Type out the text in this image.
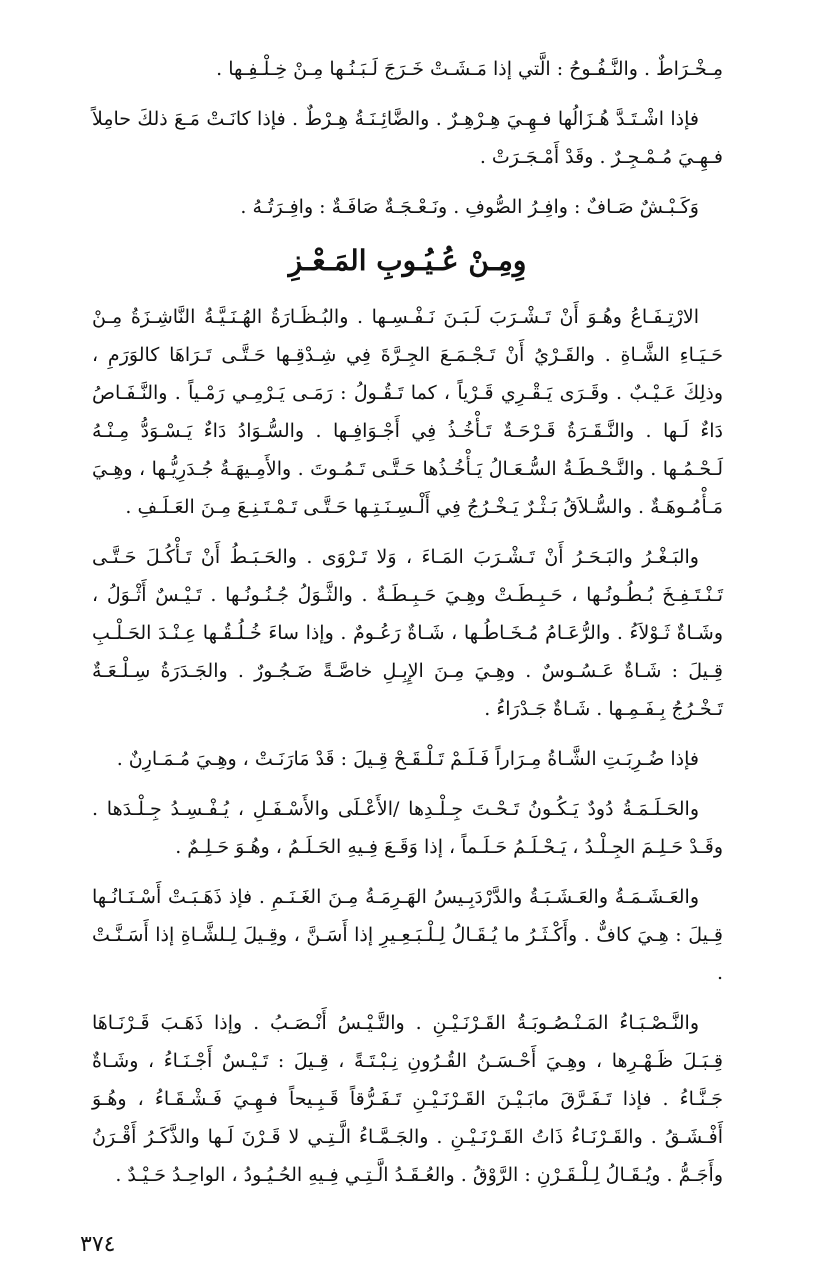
مِـخْـرَاطٌ . والنَّـفُـوحُ : الَّتي إذا مَـشَـتْ خَـرَجَ لَـبَـنُـها مِـنْ خِـلْـفِـها .

فإذا اشْـتَـدَّ هُـزَالُها فـهِـيَ هِـرْهِـرٌ . والضَّائِـنَـةُ هِـرْطٌ . فإذا كانَـتْ مَـعَ ذلكَ حامِلاً فـهِـيَ مُـمْـجِـرٌ . وقَدْ أَمْـجَـرَتْ .

وَكَـبْـشٌ صَـافٌ : وافِـرُ الصُّوفِ . ونَـعْـجَـةٌ صَافَـةٌ : وافِـرَتُـهُ .

وِمِـنْ عُـيُـوبِ المَـعْـزِ

الارْتِـفَـاعُ وهُـوَ أَنْ تَـشْـرَبَ لَـبَـنَ نَـفْـسِـها . والبُـظَـارَةُ الهُـنَـيَّـةُ النَّاشِـزَةُ مِـنْ حَـيَـاءِ الشَّـاةِ . والقَـرْيُ أَنْ تَـجْـمَـعَ الجِـرَّةَ فِي شِـدْقِـها حَـتَّـى تَـرَاهَا كالوَرَمِ ، وذلِكَ عَـيْـبٌ . وقَـرَى يَـقْـرِي قَـرْياً ، كما تَـقُـولُ : رَمَـى يَـرْمِـي رَمْـياً . والنَّـفَـاصُ دَاءٌ لَـها . والنَّـقَـرَةُ قَـرْحَـةٌ تَـأْخُـذُ فِي أَجْـوَافِـها . والسُّـوَادُ دَاءٌ يَـسْـوَدُّ مِـنْـهُ لَـحْـمُـها . والنَّـحْـطَـةُ السُّـعَـالُ يَـأْخُـذُها حَـتَّـى تَـمُـوتَ . والأَمِـيهَـةُ جُـدَرِيُّـها ، وهِـيَ مَـأْمُـوهَـةٌ . والسُّـلاَقُ بَـثْـرٌ يَـخْـرُجُ فِي أَلْـسِـنَـتِـها حَـتَّـى تَـمْـتَـنِـعَ مِـنَ العَـلَـفِ .

والبَـغْـرُ والبَـحَـرُ أَنْ تَـشْـرَبَ المَـاءَ ، وَلا تَـرْوَى . والحَـبَـطُ أَنْ تَـأْكُـلَ حَـتَّـى تَـنْـتَـفِـخَ بُـطُـونُـها ، حَـبِـطَـتْ وهِـيَ حَـبِـطَـةٌ . والثَّـوَلُ جُـنُـونُـها . تَـيْـسٌ أَثْـوَلُ ، وشَـاةٌ ثَـوْلاَءُ . والرُّعَـامُ مُـخَـاطُـها ، شَـاةٌ رَعُـومٌ . وإذا ساءَ خُـلُـقُـها عِـنْـدَ الحَـلْـبِ قِـيلَ : شَـاةٌ عَـسُـوسٌ . وهِـيَ مِـنَ الإِبِـلِ خاصَّـةً ضَـجُـورٌ . والجَـدَرَةُ سِـلْـعَـةٌ تَـخْـرُجُ بِـفَـمِـها . شَـاةٌ جَـدْرَاءُ .

فإذا ضُـرِبَـتِ الشَّـاةُ مِـرَاراً فَـلَـمْ تَـلْـقَـحْ قِـيلَ : قَدْ مَارَنَـتْ ، وهِـيَ مُـمَـارِنٌ .

والحَـلَـمَـةُ دُودٌ يَـكُـونُ تَـحْـتَ جِـلْـدِها /الأَعْـلَى والأَسْـفَـلِ ، يُـفْـسِـدُ جِـلْـدَها . وقَـدْ حَـلِـمَ الجِـلْـدُ ، يَـحْـلَـمُ حَـلَـماً ، إذا وَقَـعَ فِـيهِ الحَـلَـمُ ، وهُـوَ حَـلِـمٌ .

والعَـشَـمَـةُ والعَـشَـبَـةُ والدَّرْدَبِـيسُ الهَـرِمَـةُ مِـنَ الغَـنَـمِ . فإذ ذَهَـبَـتْ أَسْـنَـانُـها قِـيلَ : هِـيَ كافٌّ . وأَكْـثَـرُ ما يُـقَـالُ لِـلْـبَـعِـيرِ إذا أَسَـنَّ ، وقِـيلَ لِـلشَّـاةِ إذا أَسَـنَّـتْ .

والنَّـصْـبَـاءُ المَـنْـصُـوبَـةُ القَـرْنَـيْـنِ . والتَّـيْـسُ أَنْـصَـبُ . وإذا ذَهَـبَ قَـرْنَـاهَا قِـبَـلَ ظَـهْـرِها ، وهِـيَ أَحْـسَـنُ القُـرُونِ نِـبْـتَـةً ، قِـيلَ : تَـيْـسٌ أَجْـنَـاءُ ، وشَـاةٌ جَـنَّـاءُ . فإذا تَـفَـرَّقَ مابَـيْـنَ القَـرْنَـيْـنِ تَـفَـرُّقاً قَـبِـيحاً فـهِـيَ فَـشْـقَـاءُ ، وهُـوَ أَفْـشَـقُ . والقَـرْنَـاءُ ذَاتُ القَـرْنَـيْـنِ . والجَـمَّـاءُ الَّـتِـي لا قَـرْنَ لَـها والذَّكَـرُ أَقْـرَنُ وأَجَـمُّ . ويُـقَـالُ لِـلْـقَـرْنِ : الرَّوْقُ . والعُـقَـدُ الَّـتِـي فِـيهِ الحُـيُـودُ ، الواحِـدُ حَـيْـدٌ .

٣٧٤
